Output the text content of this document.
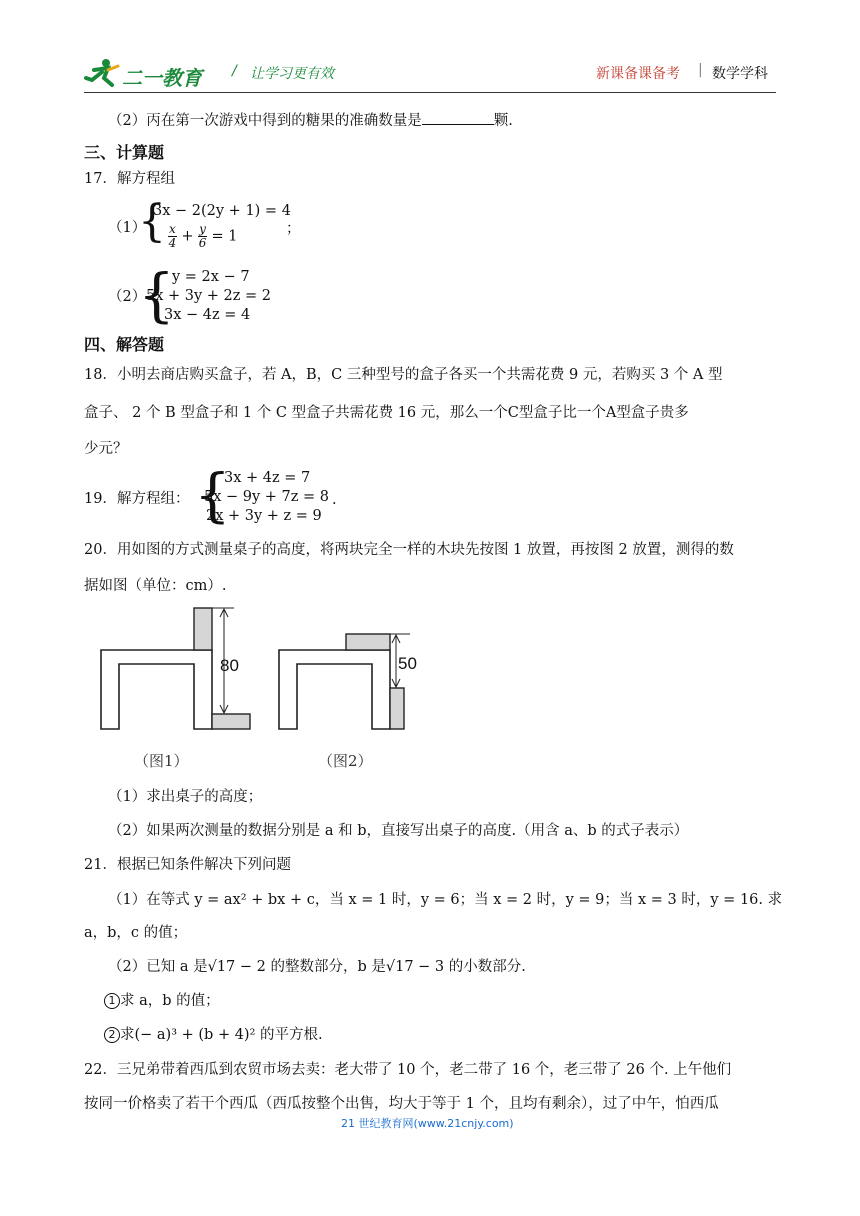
二一教育 / 让学习更有效	新课备课备考 | 数学学科
（2）丙在第一次游戏中得到的糖果的准确数量是	颗.
三、计算题
17．解方程组
（1）
{
3x − 2(2y + 1) = 4
$\frac{x}{4} + \frac{y}{6} = 1$	；
（2）
{
y = 2x − 7
5x + 3y + 2z = 2
3x − 4z = 4
四、解答题
18．小明去商店购买盒子，若 A，B，C 三种型号的盒子各买一个共需花费 9 元，若购买 3 个 A 型
盒子、 2 个 B 型盒子和 1 个 C 型盒子共需花费 16 元，那么一个C型盒子比一个A型盒子贵多
少元？
19．解方程组： {
3x + 4z = 7
5x − 9y + 7z = 8
2x + 3y + z = 9
.
20．用如图的方式测量桌子的高度，将两块完全一样的木块先按图 1 放置，再按图 2 放置，测得的数
据如图（单位：cm）.
80	50
（图1）	（图2）
（1）求出桌子的高度；
（2）如果两次测量的数据分别是 a 和 b，直接写出桌子的高度.（用含 a、b 的式子表示）
21．根据已知条件解决下列问题
（1）在等式 y = ax² + bx + c，当 x = 1 时，y = 6；当 x = 2 时，y = 9；当 x = 3 时，y = 16. 求
a，b，c 的值；
（2）已知 a 是√17 − 2 的整数部分，b 是√17 − 3 的小数部分.
1 求 a，b 的值；
2 求(− a)³ + (b + 4)² 的平方根.
22．三兄弟带着西瓜到农贸市场去卖：老大带了 10 个，老二带了 16 个，老三带了 26 个. 上午他们
按同一价格卖了若干个西瓜（西瓜按整个出售，均大于等于 1 个，且均有剩余），过了中午，怕西瓜
21 世纪教育网(www.21cnjy.com)
